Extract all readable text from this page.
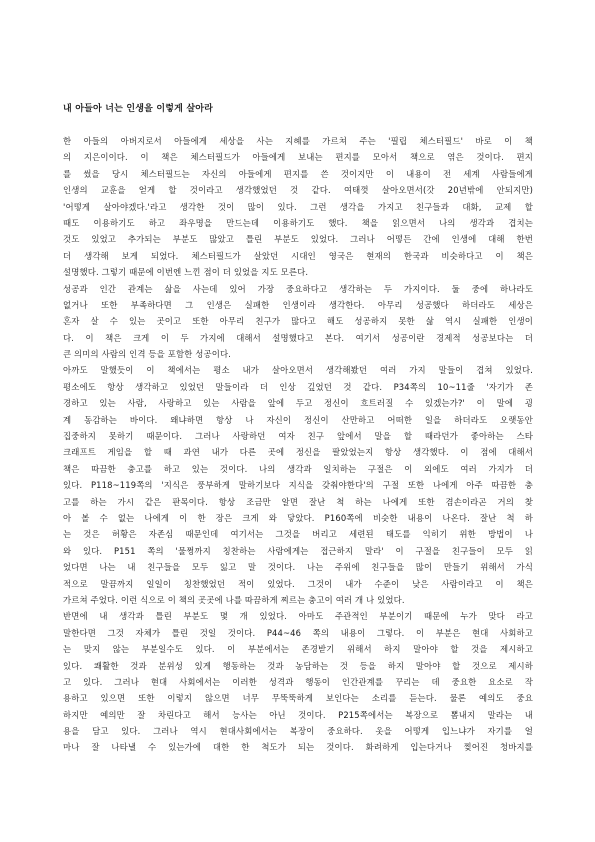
내 아들아 너는 인생을 이렇게 살아라
한 아들의 아버지로서 아들에게 세상을 사는 지혜를 가르쳐 주는 '필립 체스터필드' 바로 이 책
의 지은이이다. 이 책은 체스터필드가 아들에게 보내는 편지를 모아서 책으로 엮은 것이다. 편지
를 썼을 당시 체스터필드는 자신의 아들에게 편지를 쓴 것이지만 이 내용이 전 세계 사람들에게
인생의 교훈을 얻게 할 것이라고 생각했었던 것 같다. 여태껏 살아오면서(갓 20년밖에 안되지만)
'어떻게 살아야겠다.'라고 생각한 것이 많이 있다. 그런 생각을 가지고 친구들과 대화, 교제 할
때도 이용하기도 하고 좌우명을 만드는데 이용하기도 했다. 책을 읽으면서 나의 생각과 겹치는
것도 있었고 추가되는 부분도 많았고 틀린 부분도 있었다. 그러나 어떻든 간에 인생에 대해 한번
더 생각해 보게 되었다. 체스터필드가 살았던 시대인 영국은 현재의 한국과 비슷하다고 이 책은
설명했다. 그렇기 때문에 이번엔 느낀 점이 더 있었을 지도 모른다.
성공과 인간 관계는 삶을 사는데 있어 가장 중요하다고 생각하는 두 가지이다. 둘 중에 하나라도
없거나 또한 부족하다면 그 인생은 실패한 인생이라 생각한다. 아무리 성공했다 하더라도 세상은
혼자 살 수 있는 곳이고 또한 아무리 친구가 많다고 해도 성공하지 못한 삶 역시 실패한 인생이
다. 이 책은 크게 이 두 가지에 대해서 설명했다고 본다. 여기서 성공이란 경제적 성공보다는 더
큰 의미의 사람의 인격 등을 포함한 성공이다.
아까도 말했듯이 이 책에서는 평소 내가 살아오면서 생각해봤던 여러 가지 말들이 겹쳐 있었다.
평소에도 항상 생각하고 있었던 말들이라 더 인상 깊었던 것 같다. P34쪽의 10~11줄 '자기가 존
경하고 있는 사람, 사랑하고 있는 사람을 앞에 두고 정신이 흐트러질 수 있겠는가?' 이 말에 굉
계 동감하는 바이다. 왜냐하면 항상 나 자신이 정신이 산만하고 어떠한 일을 하더라도 오랫동안
집중하지 못하기 때문이다. 그러나 사랑하던 여자 친구 앞에서 말을 할 때라던가 좋아하는 스타
크래프트 게임을 할 때 과연 내가 다른 곳에 정신을 팔았었는지 항상 생각했다. 이 점에 대해서
책은 따끔한 충고를 하고 있는 것이다. 나의 생각과 일치하는 구절은 이 외에도 여러 가지가 더
있다. P118~119쪽의 '지식은 풍부하게 말하기보다 지식을 갖춰야한다'의 구절 또한 나에게 아주 따끔한 충
고를 하는 가시 같은 판목이다. 항상 조금만 알면 잘난 척 하는 나에게 또한 겸손이라곤 거의 찾
아 볼 수 없는 나에게 이 한 장은 크게 와 닿았다. P160쪽에 비슷한 내용이 나온다. 잘난 척 하
는 것은 허황은 자존심 때문인데 여기서는 그것을 버리고 세련된 태도를 익히기 위한 방법이 나
와 있다. P151 쪽의 '물쩡까지 칭찬하는 사람에게는 접근하지 말라' 이 구절을 친구들이 모두 읽
었다면 나는 내 친구들을 모두 잃고 말 것이다. 나는 주위에 친구들을 많이 만들기 위해서 가식
적으로 말끔까지 일일이 칭찬했었던 적이 있었다. 그것이 내가 수준이 낮은 사람이라고 이 책은
가르쳐 주었다. 이런 식으로 이 책의 곳곳에 나를 따끔하게 찌르는 충고이 여러 개 나 있었다.
반면에 내 생각과 틀린 부분도 몇 개 있었다. 아마도 주관적인 부분이기 때문에 누가 맞다 라고
말한다면 그것 자체가 틀린 것일 것이다. P44~46 쪽의 내용이 그렇다. 이 부분은 현대 사회하고
는 맞지 않는 부분일수도 있다. 이 부분에서는 존경받기 위해서 하지 말아야 할 것을 제시하고
있다. 쾌활한 것과 분위성 있게 행동하는 것과 농담하는 것 등을 하지 말아야 할 것으로 제시하
고 있다. 그러나 현대 사회에서는 이러한 성격과 행동이 인간관계를 꾸리는 데 중요한 요소로 작
용하고 있으면 또한 이렇지 않으면 너무 무뚝뚝하게 보인다는 소리를 듣는다. 물론 예의도 중요
하지만 예의만 잘 차린다고 해서 능사는 아닌 것이다. P215쪽에서는 복장으로 뽐내지 말라는 내
용을 담고 있다. 그러나 역시 현대사회에서는 복장이 중요하다. 옷을 어떻게 입느냐가 자기를 얼
마나 잘 나타낼 수 있는가에 대한 한 척도가 되는 것이다. 화려하게 입는다거나 찢어진 청바지를
